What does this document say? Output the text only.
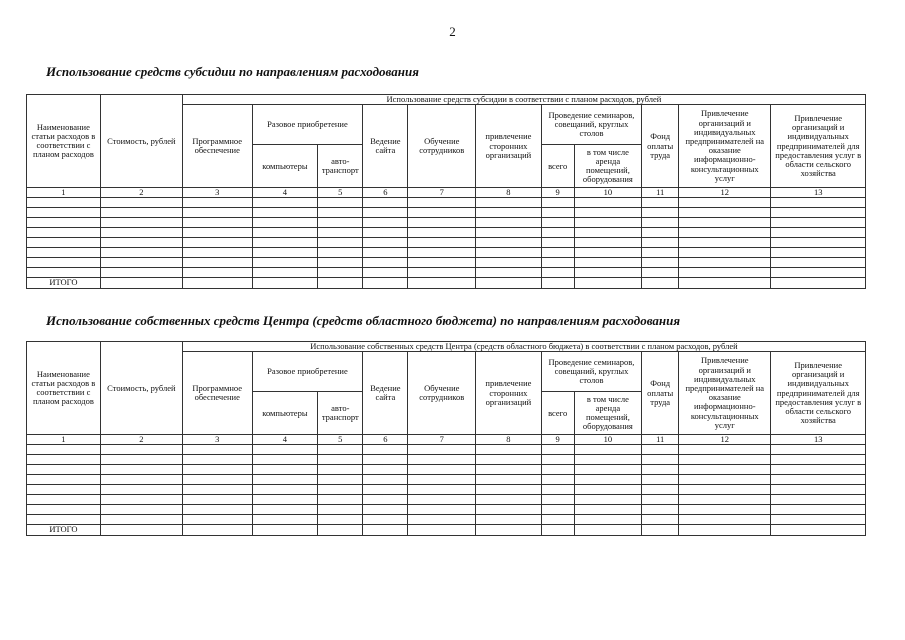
2
Использование средств субсидии по направлениям расходования
Использование собственных средств Центра (средств областного бюджета) по направлениям расходования
Наименование статьи расходов в соответствии с планом расходов	Стоимость, рублей	Использование средств субсидии в соответствии с планом расходов, рублей										
		Программное обеспечение	Разовое приобретение		Ведение сайта	Обучение сотрудников	привлечение сторонних организаций	Проведение семинаров, совещаний, круглых столов		Фонд оплаты труда	Привлечение организаций и индивидуальных предпринимателей на оказание информационно-консультационных услуг	Привлечение организаций и индивидуальных предпринимателей для предоставления услуг в области сельского хозяйства
			компьютеры	авто-транспорт								
								всего	в том числе аренда помещений, оборудования			
1	2	3	4	5	6	7	8	9	10	11	12	13

ИТОГО												
Наименование статьи расходов в соответствии с планом расходов	Стоимость, рублей	Использование собственных средств Центра (средств областного бюджета) в соответствии с планом расходов, рублей										
		Программное обеспечение	Разовое приобретение		Ведение сайта	Обучение сотрудников	привлечение сторонних организаций	Проведение семинаров, совещаний, круглых столов		Фонд оплаты труда	Привлечение организаций и индивидуальных предпринимателей на оказание информационно-консультационных услуг	Привлечение организаций и индивидуальных предпринимателей для предоставления услуг в области сельского хозяйства
			компьютеры	авто-транспорт								
								всего	в том числе аренда помещений, оборудования			
1	2	3	4	5	6	7	8	9	10	11	12	13

ИТОГО												
